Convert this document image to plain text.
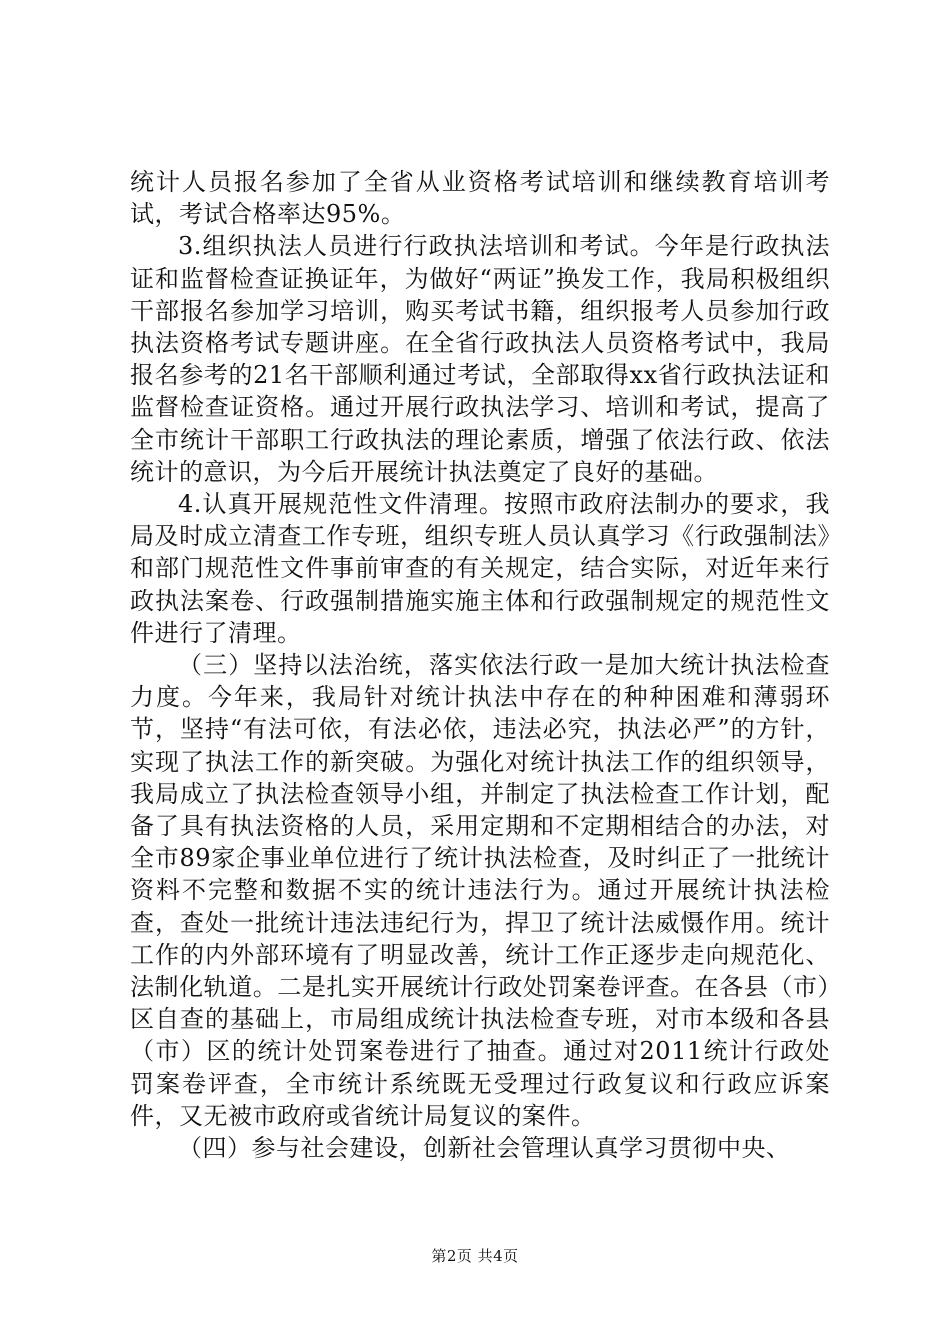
统计人员报名参加了全省从业资格考试培训和继续教育培训考试，考试合格率达95%。

3.组织执法人员进行行政执法培训和考试。今年是行政执法证和监督检查证换证年，为做好“两证”换发工作，我局积极组织干部报名参加学习培训，购买考试书籍，组织报考人员参加行政执法资格考试专题讲座。在全省行政执法人员资格考试中，我局报名参考的21名干部顺利通过考试，全部取得xx省行政执法证和监督检查证资格。通过开展行政执法学习、培训和考试，提高了全市统计干部职工行政执法的理论素质，增强了依法行政、依法统计的意识，为今后开展统计执法奠定了良好的基础。

4.认真开展规范性文件清理。按照市政府法制办的要求，我局及时成立清查工作专班，组织专班人员认真学习《行政强制法》和部门规范性文件事前审查的有关规定，结合实际，对近年来行政执法案卷、行政强制措施实施主体和行政强制规定的规范性文件进行了清理。

（三）坚持以法治统，落实依法行政一是加大统计执法检查力度。今年来，我局针对统计执法中存在的种种困难和薄弱环节，坚持“有法可依，有法必依，违法必究，执法必严”的方针，实现了执法工作的新突破。为强化对统计执法工作的组织领导，我局成立了执法检查领导小组，并制定了执法检查工作计划，配备了具有执法资格的人员，采用定期和不定期相结合的办法，对全市89家企事业单位进行了统计执法检查，及时纠正了一批统计资料不完整和数据不实的统计违法行为。通过开展统计执法检查，查处一批统计违法违纪行为，捍卫了统计法威慑作用。统计工作的内外部环境有了明显改善，统计工作正逐步走向规范化、法制化轨道。二是扎实开展统计行政处罚案卷评查。在各县（市）区自查的基础上，市局组成统计执法检查专班，对市本级和各县（市）区的统计处罚案卷进行了抽查。通过对2011统计行政处罚案卷评查，全市统计系统既无受理过行政复议和行政应诉案件，又无被市政府或省统计局复议的案件。

（四）参与社会建设，创新社会管理认真学习贯彻中央、

第2页 共4页
